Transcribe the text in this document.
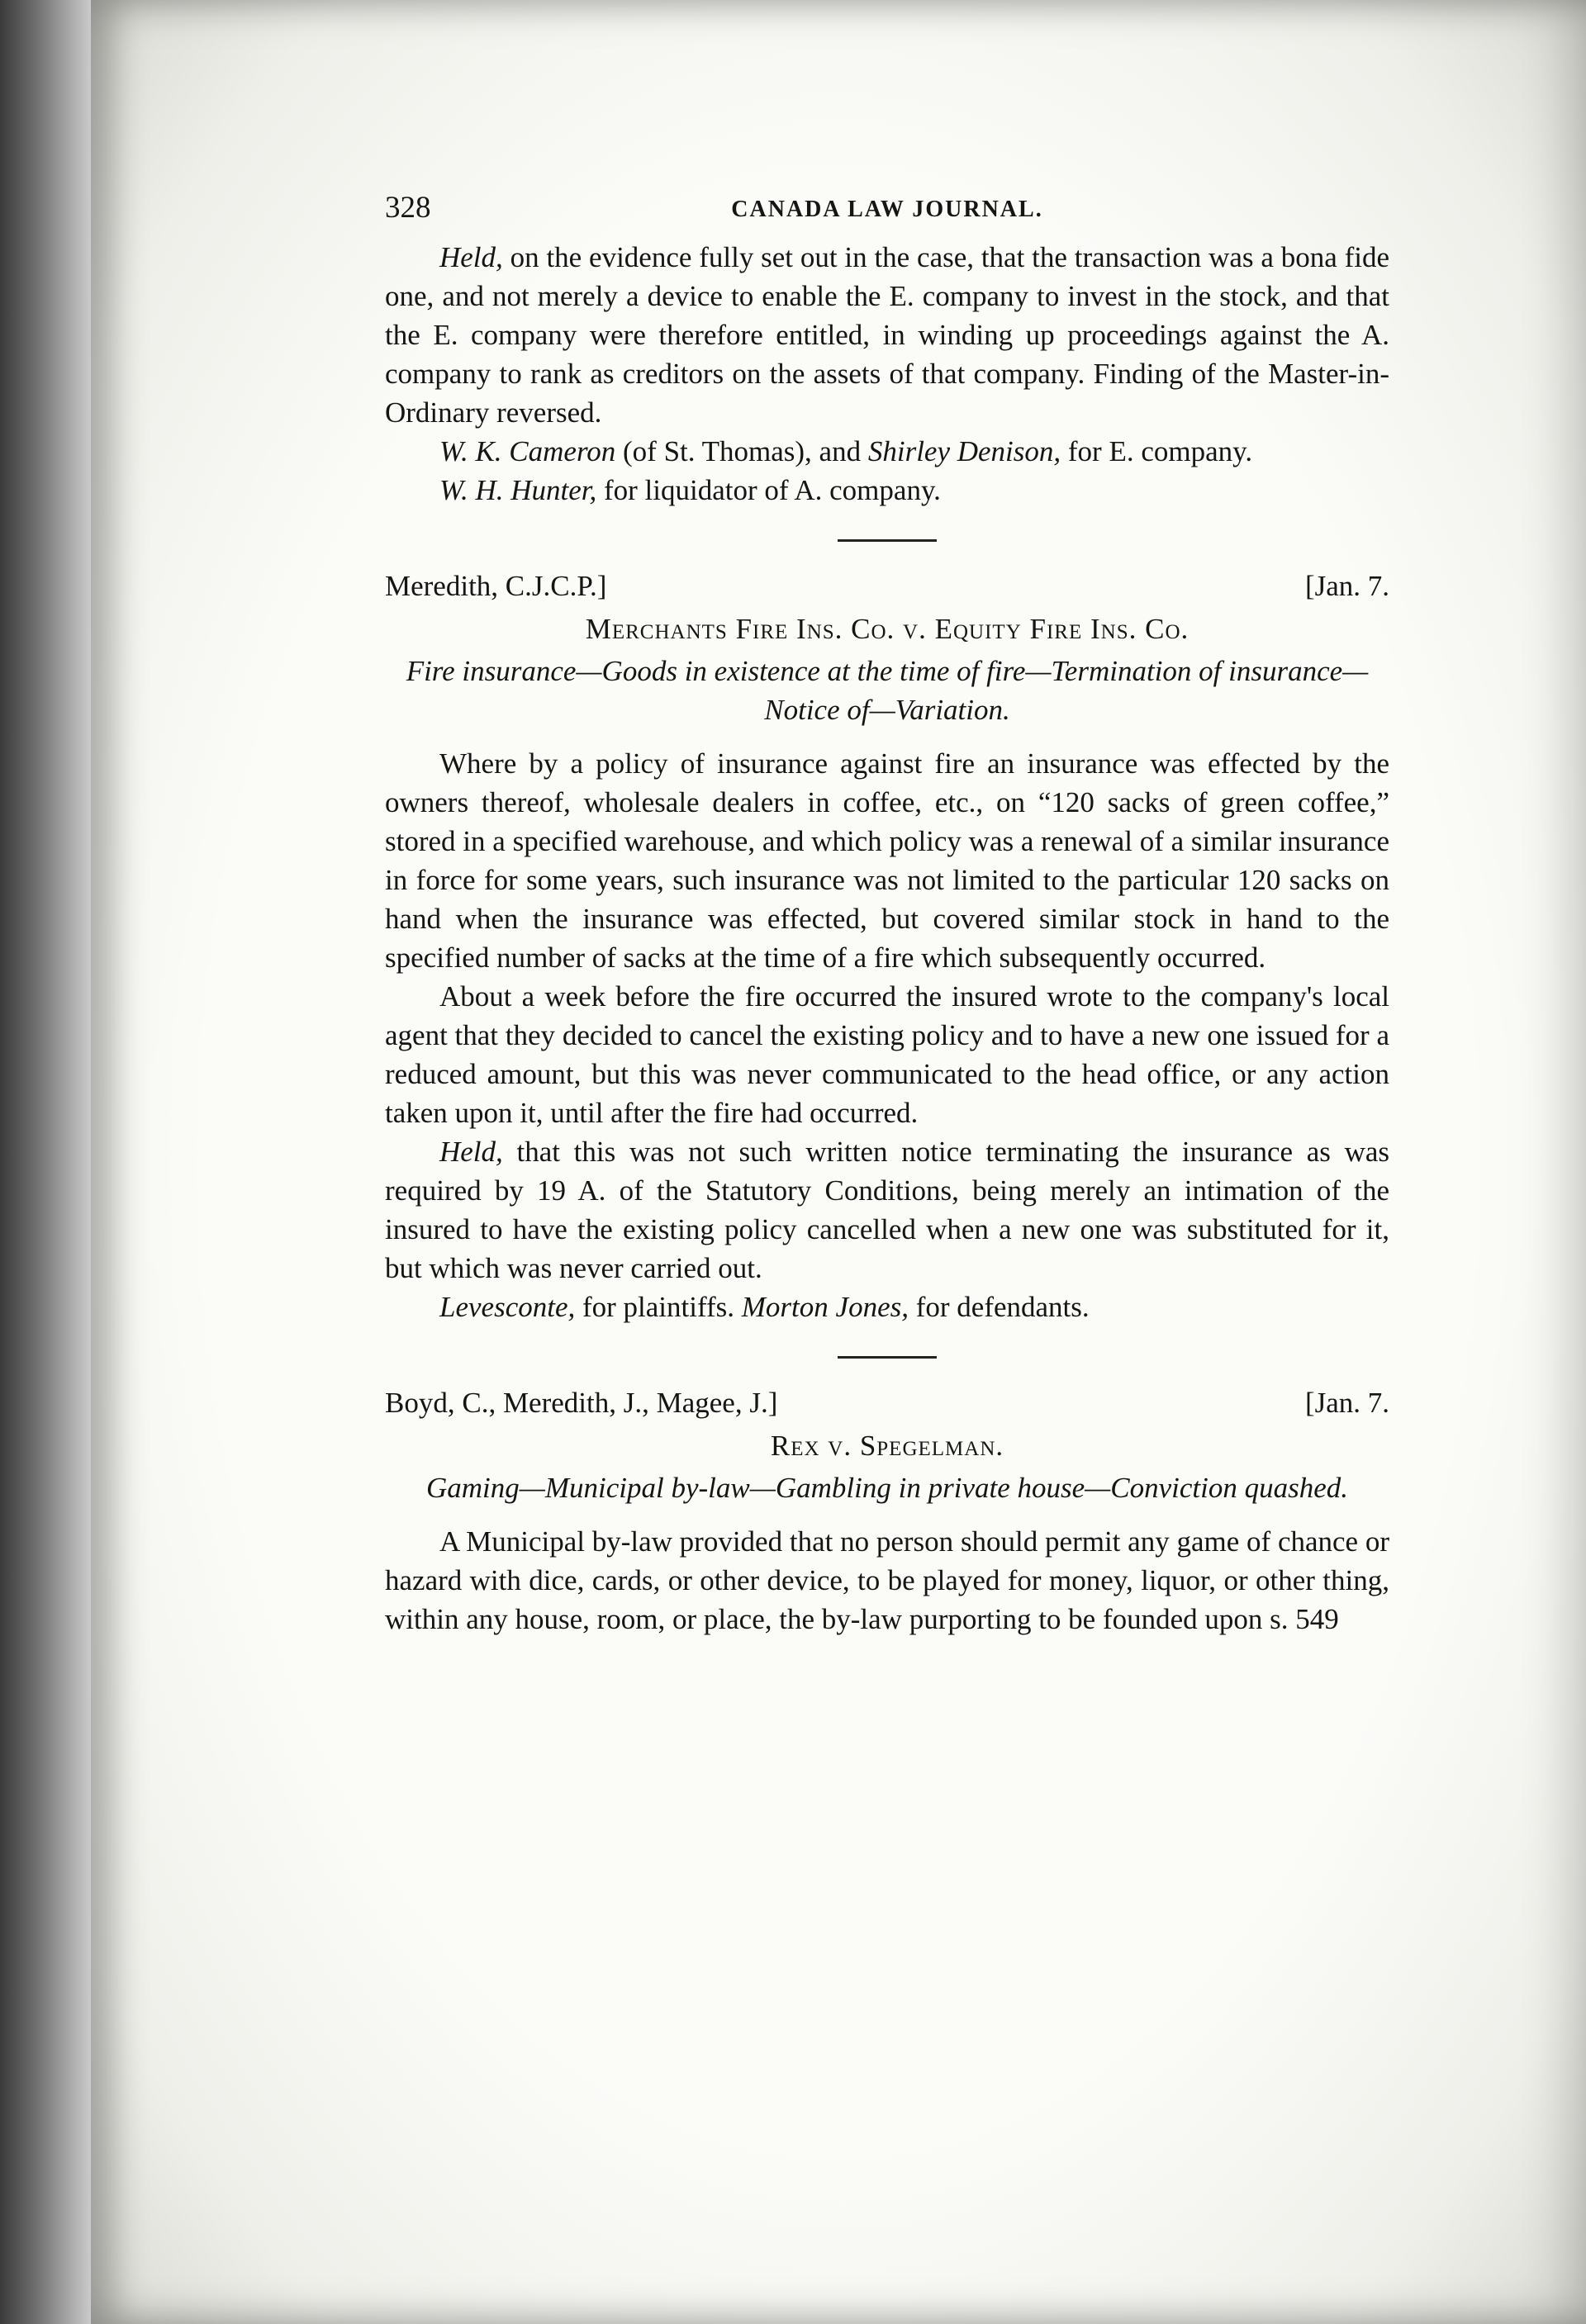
328	CANADA LAW JOURNAL.

Held, on the evidence fully set out in the case, that the transaction was a bona fide one, and not merely a device to enable the E. company to invest in the stock, and that the E. company were therefore entitled, in winding up proceedings against the A. company to rank as creditors on the assets of that company. Finding of the Master-in-Ordinary reversed.

W. K. Cameron (of St. Thomas), and Shirley Denison, for E. company.

W. H. Hunter, for liquidator of A. company.

Meredith, C.J.C.P.]	[Jan. 7.
Merchants Fire Ins. Co. v. Equity Fire Ins. Co.
Fire insurance—Goods in existence at the time of fire—Termination of insurance—Notice of—Variation.

Where by a policy of insurance against fire an insurance was effected by the owners thereof, wholesale dealers in coffee, etc., on “120 sacks of green coffee,” stored in a specified warehouse, and which policy was a renewal of a similar insurance in force for some years, such insurance was not limited to the particular 120 sacks on hand when the insurance was effected, but covered similar stock in hand to the specified number of sacks at the time of a fire which subsequently occurred.

About a week before the fire occurred the insured wrote to the company's local agent that they decided to cancel the existing policy and to have a new one issued for a reduced amount, but this was never communicated to the head office, or any action taken upon it, until after the fire had occurred.

Held, that this was not such written notice terminating the insurance as was required by 19 A. of the Statutory Conditions, being merely an intimation of the insured to have the existing policy cancelled when a new one was substituted for it, but which was never carried out.

Levesconte, for plaintiffs. Morton Jones, for defendants.

Boyd, C., Meredith, J., Magee, J.]	[Jan. 7.
Rex v. Spegelman.
Gaming—Municipal by-law—Gambling in private house—Conviction quashed.

A Municipal by-law provided that no person should permit any game of chance or hazard with dice, cards, or other device, to be played for money, liquor, or other thing, within any house, room, or place, the by-law purporting to be founded upon s. 549
